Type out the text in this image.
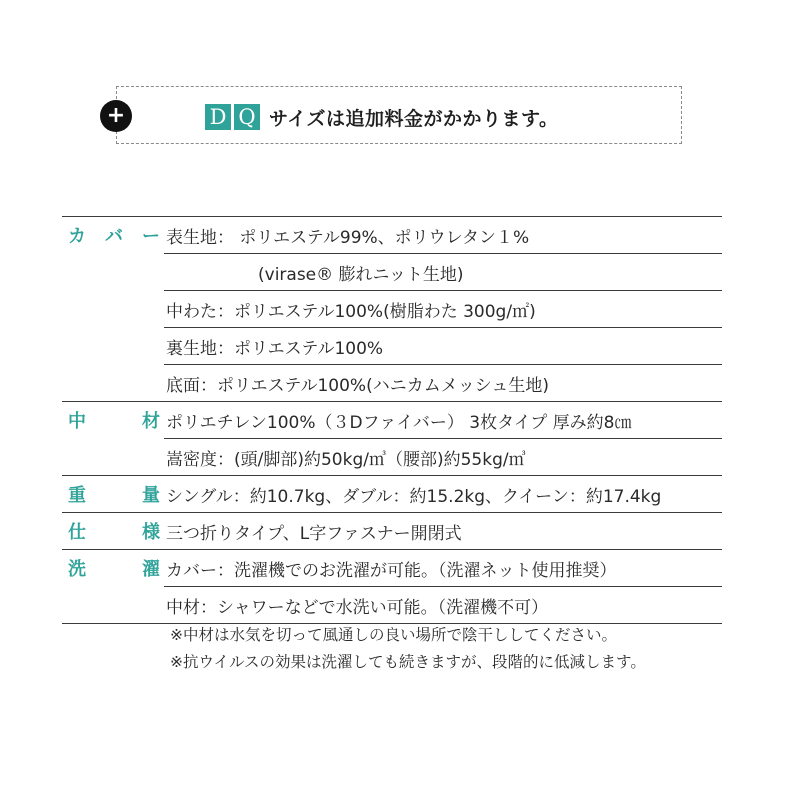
+	D Q サイズは追加料金がかかります。
カ バ ー 表生地： ポリエステル99%、ポリウレタン１%
(virase® 膨れニット生地)
中わた：ポリエステル100%(樹脂わた 300g/㎡)
裏生地：ポリエステル100%
底面：ポリエステル100%(ハニカムメッシュ生地)
中	材 ポリエチレン100%（３Dファイバー） 3枚タイプ 厚み約8㎝
嵩密度：(頭/脚部)約50kg/㎥（腰部)約55kg/㎥
重	量 シングル：約10.7kg、ダブル：約15.2kg、クイーン：約17.4kg
仕	様 三つ折りタイプ、L字ファスナー開閉式
洗	濯 カバー：洗濯機でのお洗濯が可能。（洗濯ネット使用推奨）
中材：シャワーなどで水洗い可能。（洗濯機不可）
※中材は水気を切って風通しの良い場所で陰干ししてください。
※抗ウイルスの効果は洗濯しても続きますが、段階的に低減します。
